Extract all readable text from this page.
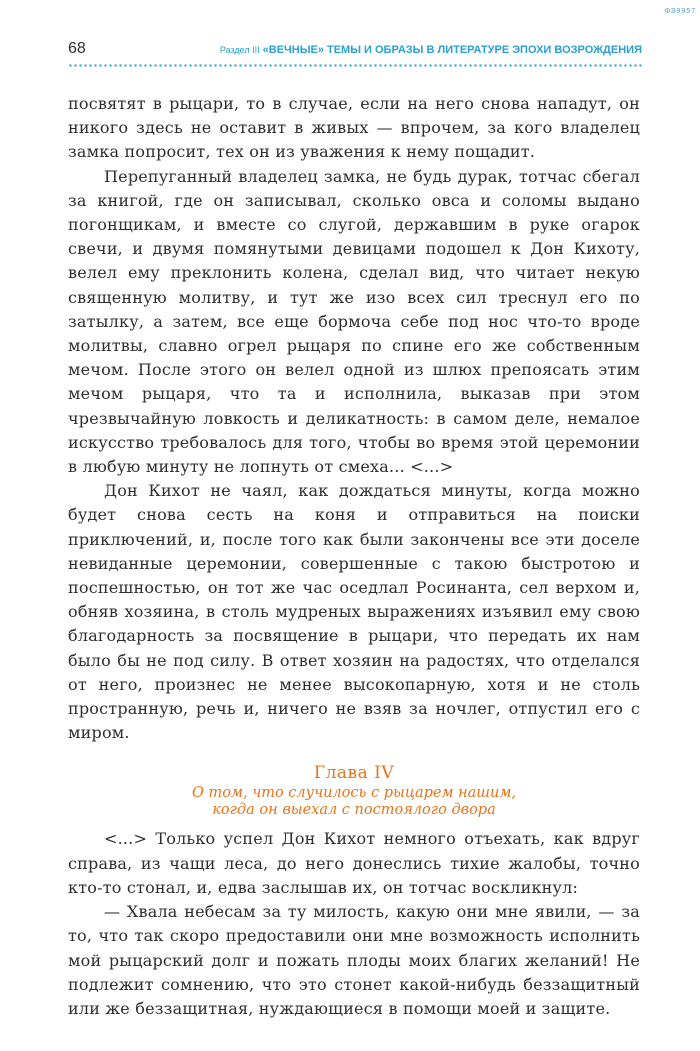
ФЭ9957
68	Раздел III «ВЕЧНЫЕ» ТЕМЫ И ОБРАЗЫ В ЛИТЕРАТУРЕ ЭПОХИ ВОЗРОЖДЕНИЯ

посвятят в рыцари, то в случае, если на него снова нападут, он никого здесь не оставит в живых — впрочем, за кого владелец замка попросит, тех он из уважения к нему пощадит.

Перепуганный владелец замка, не будь дурак, тотчас сбегал за книгой, где он записывал, сколько овса и соломы выдано погонщикам, и вместе со слугой, державшим в руке огарок свечи, и двумя помянутыми девицами подошел к Дон Кихоту, велел ему преклонить колена, сделал вид, что читает некую священную молитву, и тут же изо всех сил треснул его по затылку, а затем, все еще бормоча себе под нос что-то вроде молитвы, славно огрел рыцаря по спине его же собственным мечом. После этого он велел одной из шлюх препоясать этим мечом рыцаря, что та и исполнила, выказав при этом чрезвычайную ловкость и деликатность: в самом деле, немалое искусство требовалось для того, чтобы во время этой церемонии в любую минуту не лопнуть от смеха... <...>

Дон Кихот не чаял, как дождаться минуты, когда можно будет снова сесть на коня и отправиться на поиски приключений, и, после того как были закончены все эти доселе невиданные церемонии, совершенные с такою быстротою и поспешностью, он тот же час оседлал Росинанта, сел верхом и, обняв хозяина, в столь мудреных выражениях изъявил ему свою благодарность за посвящение в рыцари, что передать их нам было бы не под силу. В ответ хозяин на радостях, что отделался от него, произнес не менее высокопарную, хотя и не столь пространную, речь и, ничего не взяв за ночлег, отпустил его с миром.

Глава IV
О том, что случилось с рыцарем нашим,
когда он выехал с постоялого двора

<...> Только успел Дон Кихот немного отъехать, как вдруг справа, из чащи леса, до него донеслись тихие жалобы, точно кто-то стонал, и, едва заслышав их, он тотчас воскликнул:

— Хвала небесам за ту милость, какую они мне явили, — за то, что так скоро предоставили они мне возможность исполнить мой рыцарский долг и пожать плоды моих благих желаний! Не подлежит сомнению, что это стонет какой-нибудь беззащитный или же беззащитная, нуждающиеся в помощи моей и защите.
